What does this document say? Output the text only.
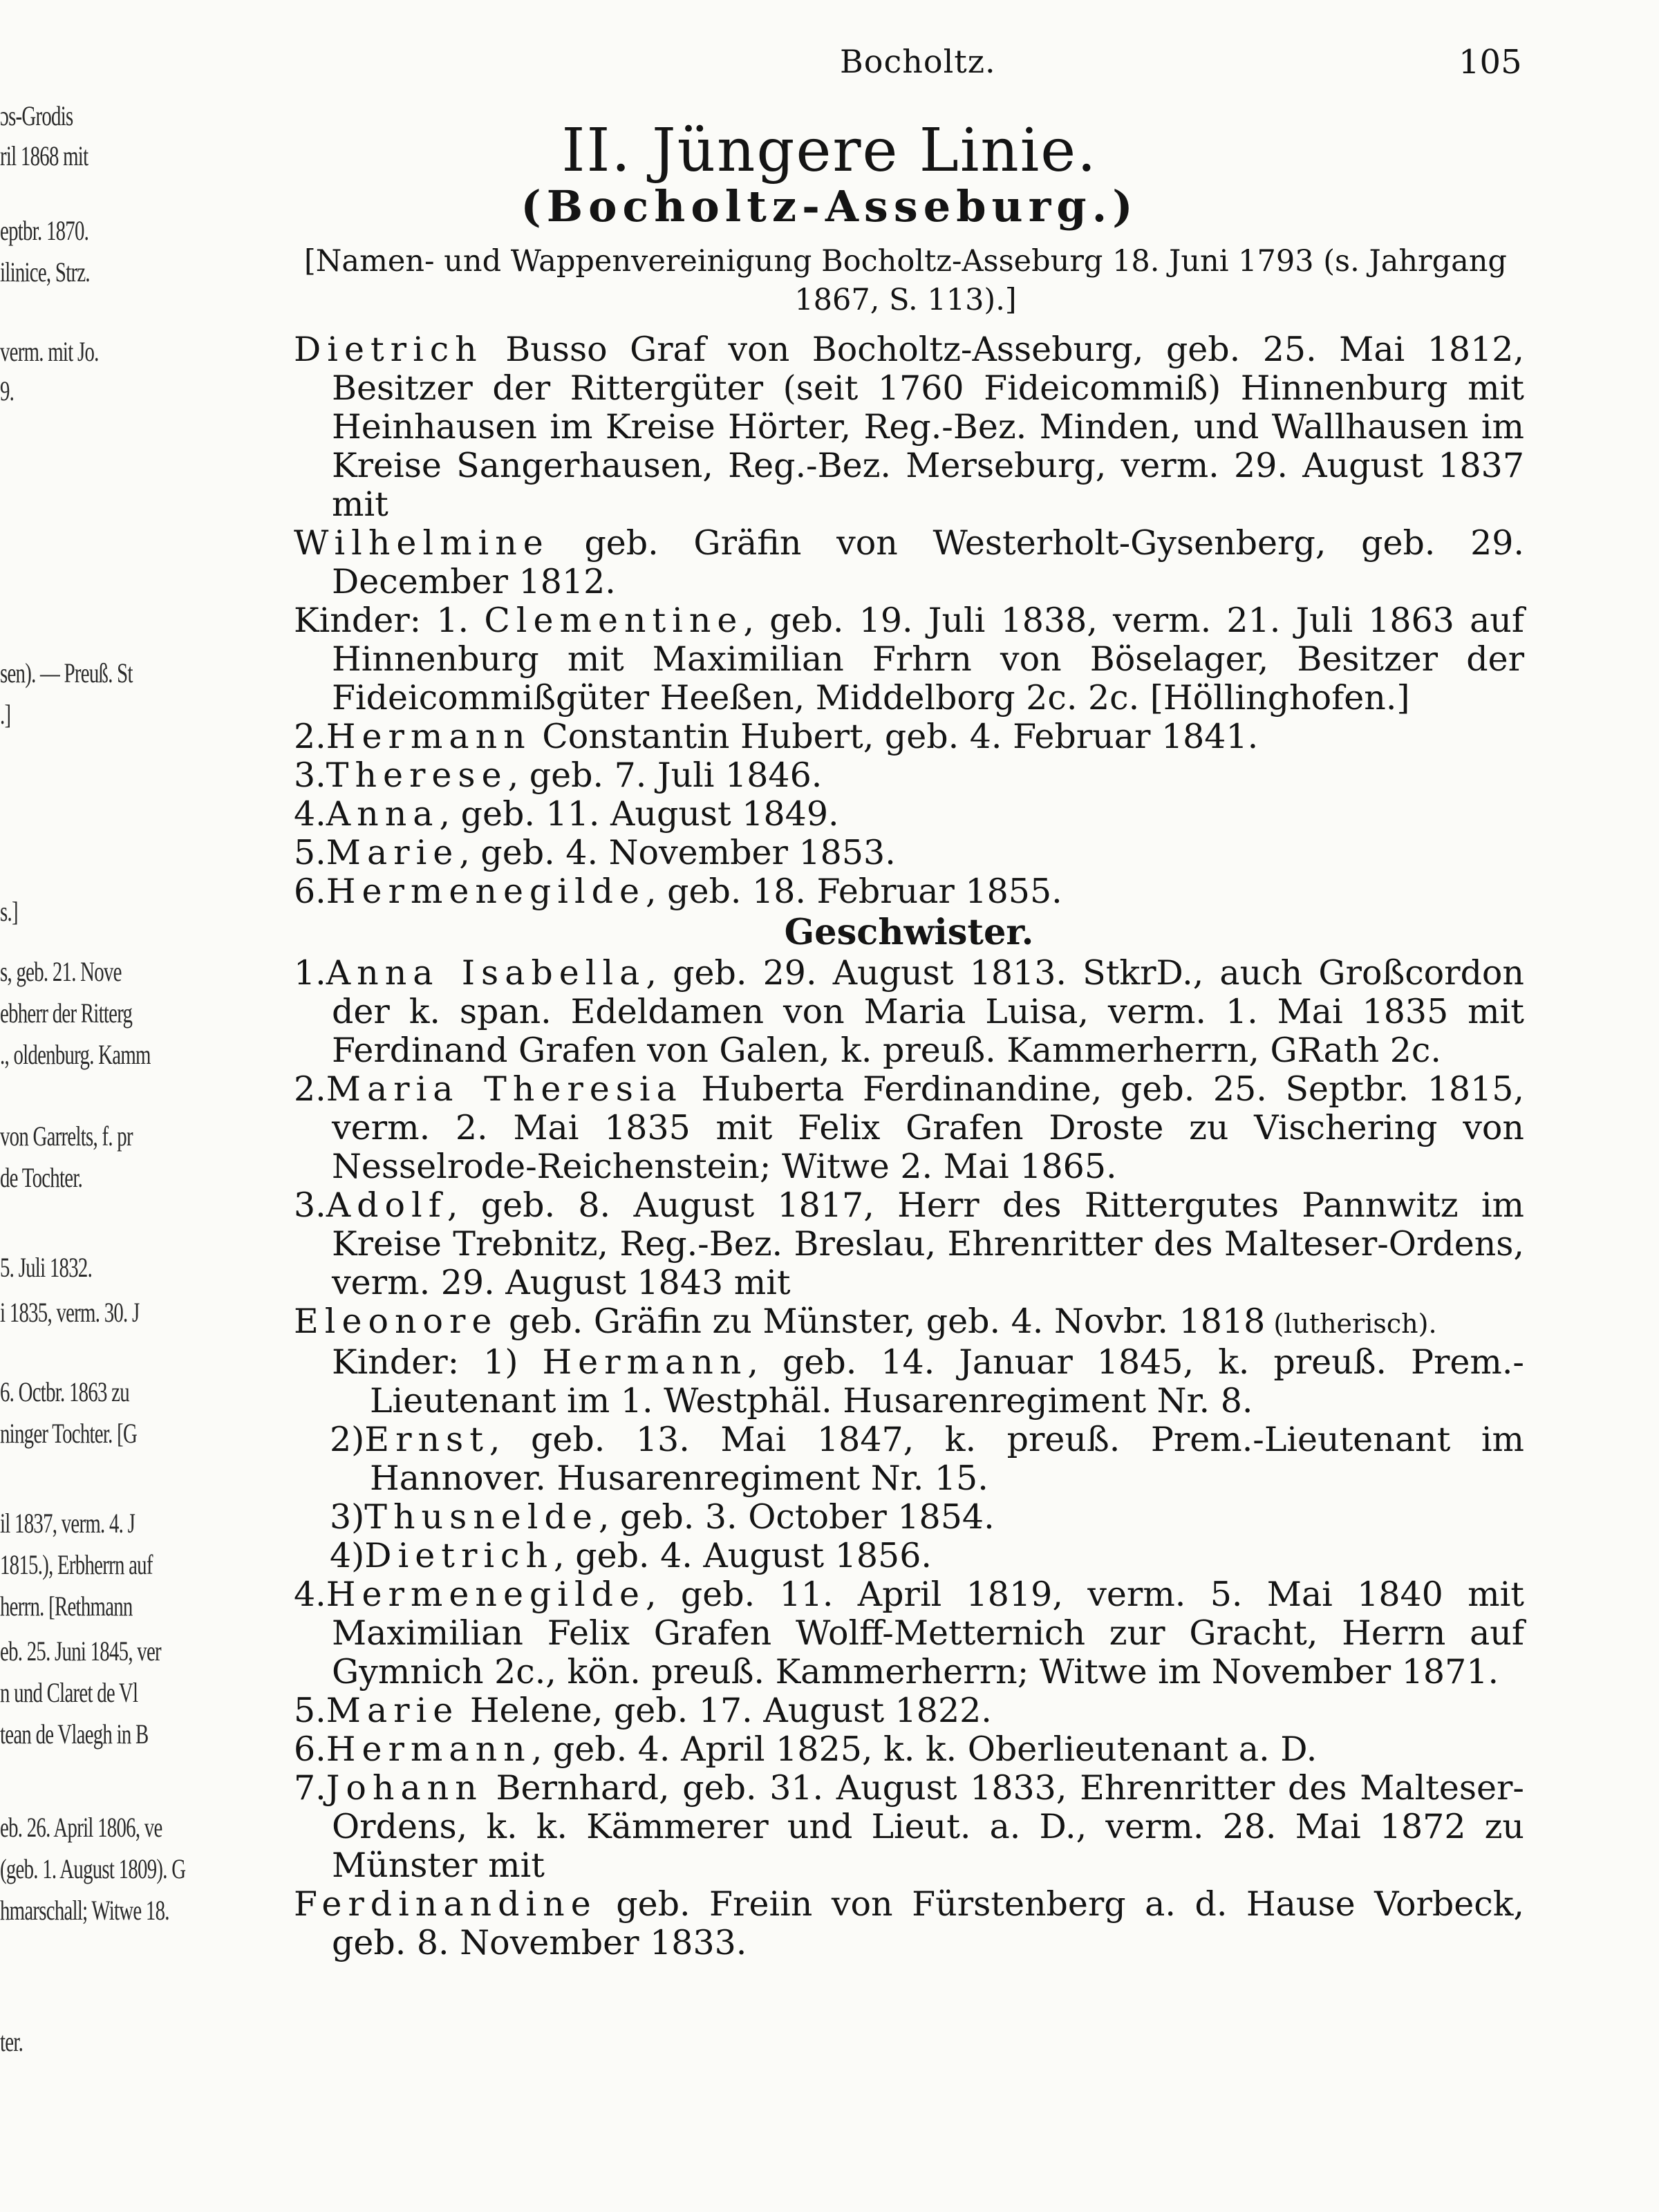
ɔs-Grodis
ril 1868 mit
eptbr. 1870.
ilinice, Strz.
verm. mit Jo.
9.
sen). — Preuß. St
.]
s.]
s, geb. 21. Nove
ebherr der Ritterg
., oldenburg. Kamm
von Garrelts, f. pr
de Tochter.
5. Juli 1832.
i 1835, verm. 30. J
6. Octbr. 1863 zu
ninger Tochter. [G
il 1837, verm. 4. J
1815.), Erbherrn auf
herrn. [Rethmann
eb. 25. Juni 1845, ver
n und Claret de Vl
tean de Vlaegh in B
eb. 26. April 1806, ve
(geb. 1. August 1809). G
hmarschall; Witwe 18.
ter.
Bocholtz.	105
II. Jüngere Linie.
(Bocholtz-Asseburg.)
[Namen- und Wappenvereinigung Bocholtz-Asseburg 18. Juni 1793 (s. Jahrgang 1867, S. 113).]

Dietrich Busso Graf von Bocholtz-Asseburg, geb. 25. Mai 1812, Besitzer der Rittergüter (seit 1760 Fideicommiß) Hinnenburg mit Heinhausen im Kreise Hörter, Reg.-Bez. Minden, und Wallhausen im Kreise Sangerhausen, Reg.-Bez. Merseburg, verm. 29. August 1837 mit

Wilhelmine geb. Gräfin von Westerholt-Gysenberg, geb. 29. December 1812.

Kinder: 1. Clementine, geb. 19. Juli 1838, verm. 21. Juli 1863 auf Hinnenburg mit Maximilian Frhrn von Böselager, Besitzer der Fideicommißgüter Heeßen, Middelborg 2c. 2c. [Höllinghofen.]

2.Hermann Constantin Hubert, geb. 4. Februar 1841.

3.Therese, geb. 7. Juli 1846.

4.Anna, geb. 11. August 1849.

5.Marie, geb. 4. November 1853.

6.Hermenegilde, geb. 18. Februar 1855.

Geschwister.

1.Anna Isabella, geb. 29. August 1813. StkrD., auch Großcordon der k. span. Edeldamen von Maria Luisa, verm. 1. Mai 1835 mit Ferdinand Grafen von Galen, k. preuß. Kammerherrn, GRath 2c.

2.Maria Theresia Huberta Ferdinandine, geb. 25. Septbr. 1815, verm. 2. Mai 1835 mit Felix Grafen Droste zu Vischering von Nesselrode-Reichenstein; Witwe 2. Mai 1865.

3.Adolf, geb. 8. August 1817, Herr des Rittergutes Pannwitz im Kreise Trebnitz, Reg.-Bez. Breslau, Ehrenritter des Malteser-Ordens, verm. 29. August 1843 mit

Eleonore geb. Gräfin zu Münster, geb. 4. Novbr. 1818 (lutherisch).

Kinder: 1) Hermann, geb. 14. Januar 1845, k. preuß. Prem.-Lieutenant im 1. Westphäl. Husarenregiment Nr. 8.

2)Ernst, geb. 13. Mai 1847, k. preuß. Prem.-Lieutenant im Hannover. Husarenregiment Nr. 15.

3)Thusnelde, geb. 3. October 1854.

4)Dietrich, geb. 4. August 1856.

4.Hermenegilde, geb. 11. April 1819, verm. 5. Mai 1840 mit Maximilian Felix Grafen Wolff-Metternich zur Gracht, Herrn auf Gymnich 2c., kön. preuß. Kammerherrn; Witwe im November 1871.

5.Marie Helene, geb. 17. August 1822.

6.Hermann, geb. 4. April 1825, k. k. Oberlieutenant a. D.

7.Johann Bernhard, geb. 31. August 1833, Ehrenritter des Malteser-Ordens, k. k. Kämmerer und Lieut. a. D., verm. 28. Mai 1872 zu Münster mit

Ferdinandine geb. Freiin von Fürstenberg a. d. Hause Vorbeck, geb. 8. November 1833.
